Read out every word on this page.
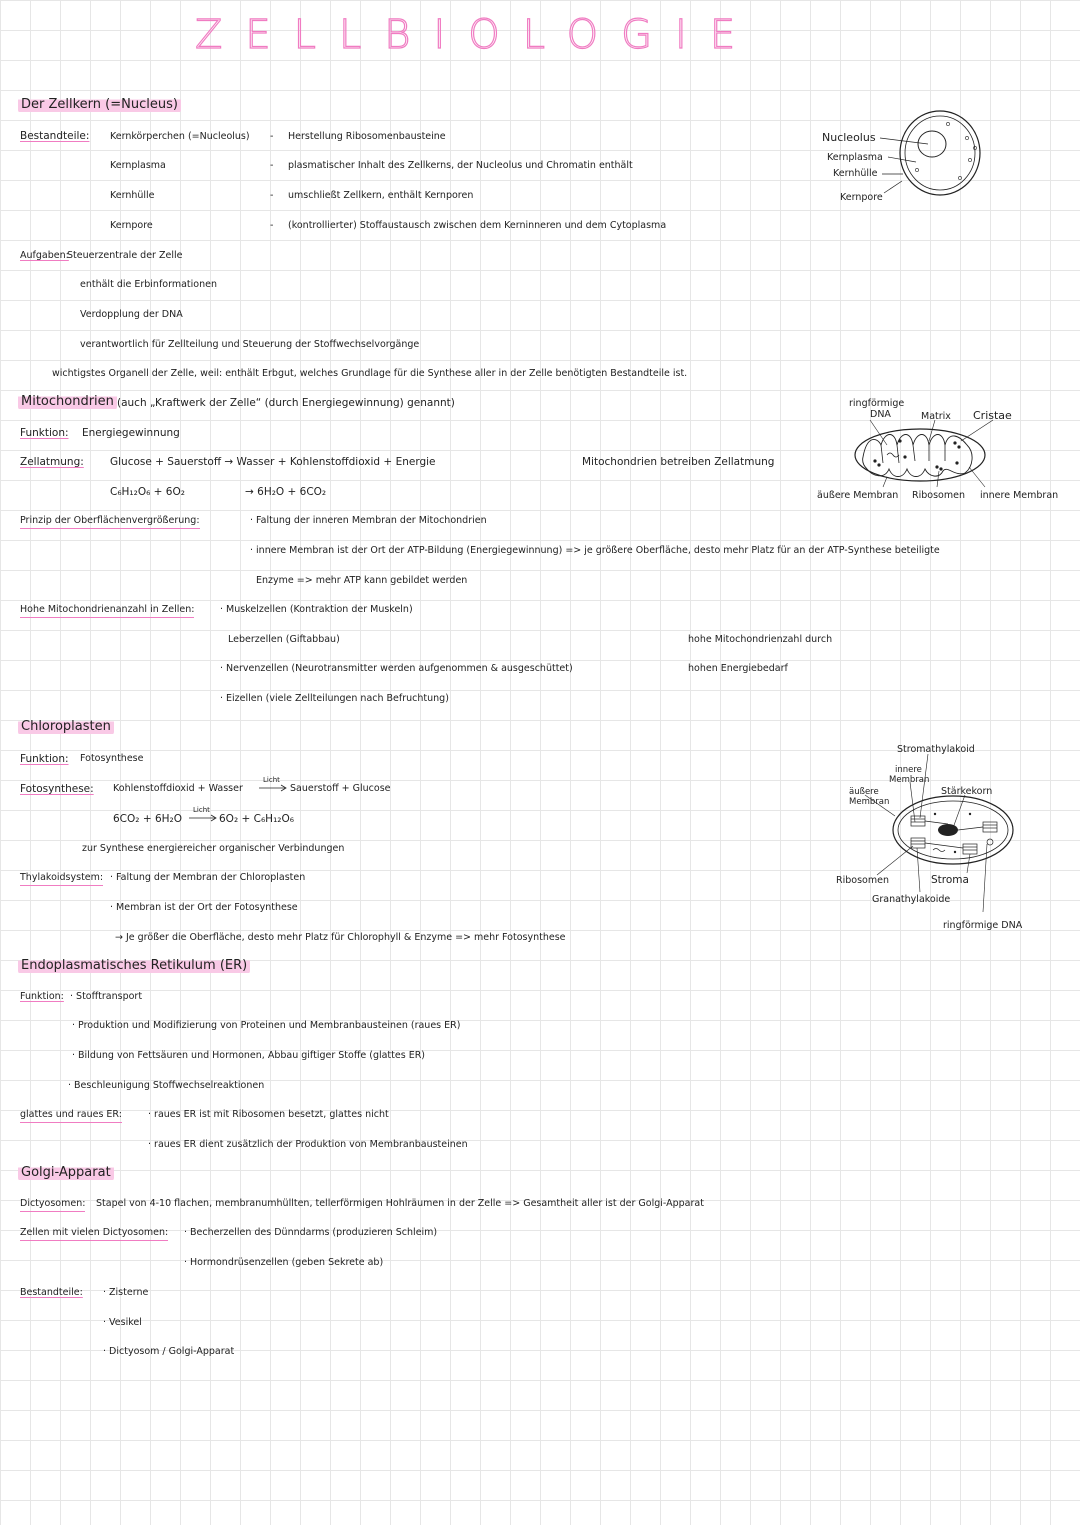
ZELLBIOLOGIE
Der Zellkern (=Nucleus)
Bestandteile: Kernkörperchen (=Nucleolus) - Herstellung Ribosomenbausteine
Kernplasma	- plasmatischer Inhalt des Zellkerns, der Nucleolus und Chromatin enthält
Kernhülle	- umschließt Zellkern, enthält Kernporen
Kernpore	- (kontrollierter) Stoffaustausch zwischen dem Kerninneren und dem Cytoplasma
Aufgaben:
Steuerzentrale der Zelle
enthält die Erbinformationen
Verdopplung der DNA
verantwortlich für Zellteilung und Steuerung der Stoffwechselvorgänge
wichtigstes Organell der Zelle, weil: enthält Erbgut, welches Grundlage für die Synthese aller in der Zelle benötigten Bestandteile ist.
Nucleolus
Kernplasma
Kernhülle
Kernpore
Mitochondrien (auch „Kraftwerk der Zelle“ (durch Energiegewinnung) genannt)
Funktion: Energiegewinnung
Zellatmung: Glucose + Sauerstoff → Wasser + Kohlenstoffdioxid + Energie
C₆H₁₂O₆ + 6O₂	→ 6H₂O + 6CO₂
Mitochondrien betreiben Zellatmung
Prinzip der Oberflächenvergrößerung:	· Faltung der inneren Membran der Mitochondrien
· innere Membran ist der Ort der ATP-Bildung (Energiegewinnung) => je größere Oberfläche, desto mehr Platz für an der ATP-Synthese beteiligte
Enzyme => mehr ATP kann gebildet werden
Hohe Mitochondrienanzahl in Zellen:	· Muskelzellen (Kontraktion der Muskeln)
Leberzellen (Giftabbau)
· Nervenzellen (Neurotransmitter werden aufgenommen & ausgeschüttet)
· Eizellen (viele Zellteilungen nach Befruchtung)
hohe Mitochondrienzahl durch
hohen Energiebedarf
ringförmige
DNA	Matrix Cristae
äußere Membran Ribosomen innere Membran
Chloroplasten
Funktion: Fotosynthese
Fotosynthese: Kohlenstoffdioxid + Wasser
Licht
Sauerstoff + Glucose
6CO₂ + 6H₂O
Licht
6O₂ + C₆H₁₂O₆
zur Synthese energiereicher organischer Verbindungen
Thylakoidsystem: · Faltung der Membran der Chloroplasten
· Membran ist der Ort der Fotosynthese
→ Je größer die Oberfläche, desto mehr Platz für Chlorophyll & Enzyme => mehr Fotosynthese
Stromathylakoid
innere
Membran
äußere
Membran
Stärkekorn
Ribosomen	Stroma
Granathylakoide
ringförmige DNA
Endoplasmatisches Retikulum (ER)
Funktion: · Stofftransport
· Produktion und Modifizierung von Proteinen und Membranbausteinen (raues ER)
· Bildung von Fettsäuren und Hormonen, Abbau giftiger Stoffe (glattes ER)
· Beschleunigung Stoffwechselreaktionen
glattes und raues ER:	· raues ER ist mit Ribosomen besetzt, glattes nicht
· raues ER dient zusätzlich der Produktion von Membranbausteinen
Golgi-Apparat
Dictyosomen: Stapel von 4-10 flachen, membranumhüllten, tellerförmigen Hohlräumen in der Zelle => Gesamtheit aller ist der Golgi-Apparat
Zellen mit vielen Dictyosomen: · Becherzellen des Dünndarms (produzieren Schleim)
· Hormondrüsenzellen (geben Sekrete ab)
Bestandteile: · Zisterne
· Vesikel
· Dictyosom / Golgi-Apparat
